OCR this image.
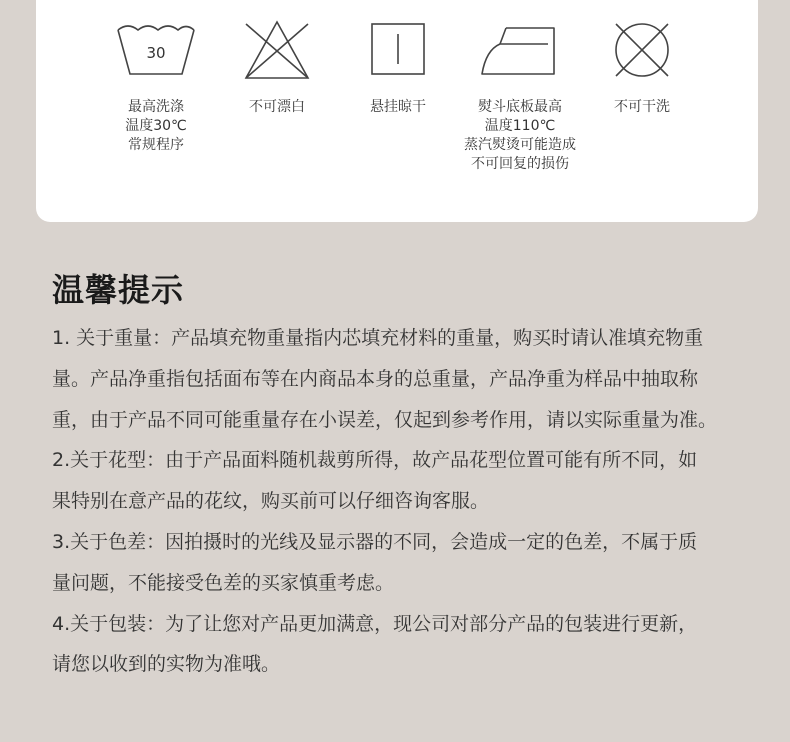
30
最高洗涤
温度30℃
常规程序
不可漂白	悬挂晾干	熨斗底板最高
温度110℃
蒸汽熨烫可能造成
不可回复的损伤
不可干洗
温馨提示
1. 关于重量：产品填充物重量指内芯填充材料的重量，购买时请认准填充物重
量。产品净重指包括面布等在内商品本身的总重量，产品净重为样品中抽取称
重，由于产品不同可能重量存在小误差，仅起到参考作用，请以实际重量为准。
2.关于花型：由于产品面料随机裁剪所得，故产品花型位置可能有所不同，如
果特别在意产品的花纹，购买前可以仔细咨询客服。
3.关于色差：因拍摄时的光线及显示器的不同，会造成一定的色差，不属于质
量问题，不能接受色差的买家慎重考虑。
4.关于包装：为了让您对产品更加满意，现公司对部分产品的包装进行更新，
请您以收到的实物为准哦。
